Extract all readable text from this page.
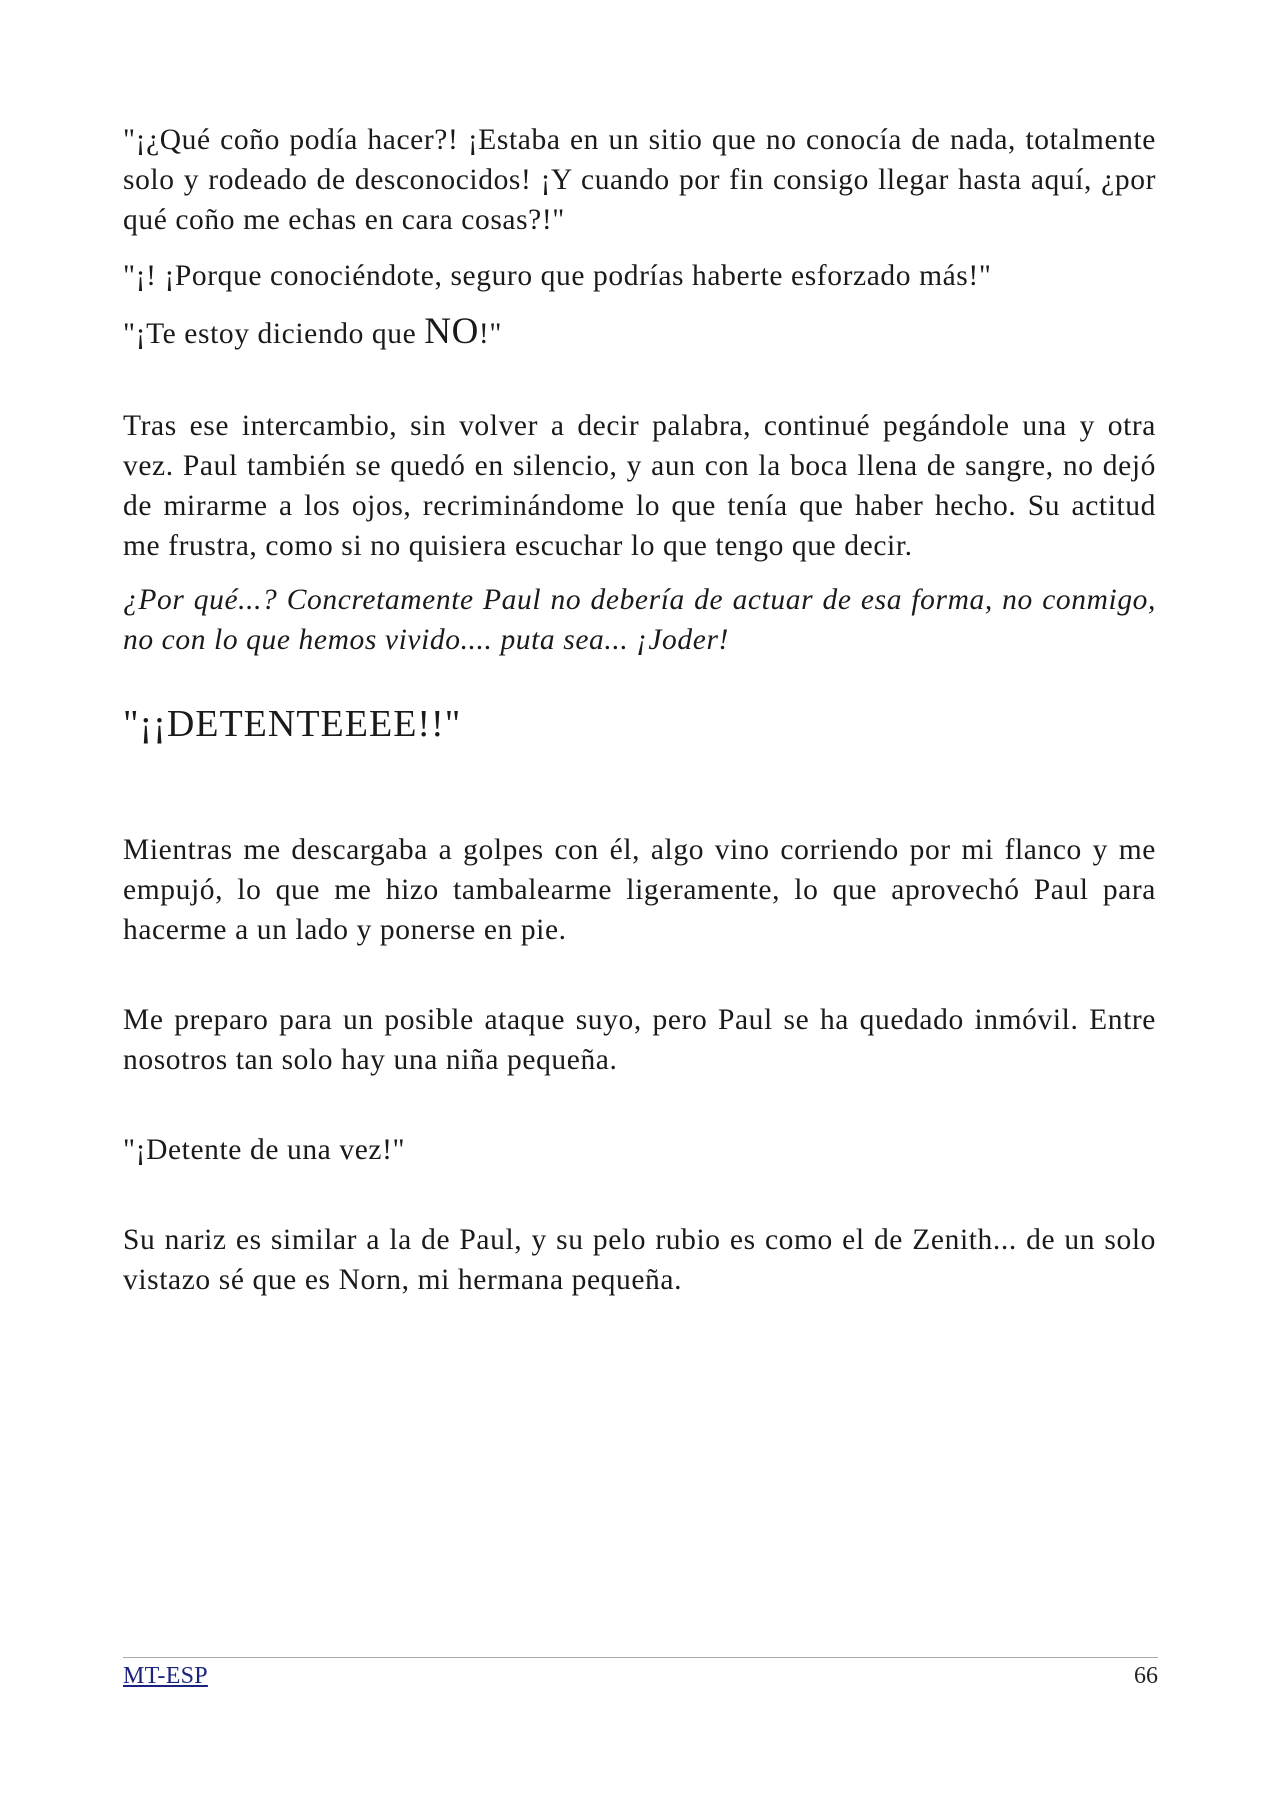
"¡¿Qué coño podía hacer?! ¡Estaba en un sitio que no conocía de nada, totalmente solo y rodeado de desconocidos! ¡Y cuando por fin consigo llegar hasta aquí, ¿por qué coño me echas en cara cosas?!"

"¡! ¡Porque conociéndote, seguro que podrías haberte esforzado más!"

"¡Te estoy diciendo que NO!"

Tras ese intercambio, sin volver a decir palabra, continué pegándole una y otra vez. Paul también se quedó en silencio, y aun con la boca llena de sangre, no dejó de mirarme a los ojos, recriminándome lo que tenía que haber hecho. Su actitud me frustra, como si no quisiera escuchar lo que tengo que decir.

¿Por qué...? Concretamente Paul no debería de actuar de esa forma, no conmigo, no con lo que hemos vivido.... puta sea... ¡Joder!

"¡¡DETENTEEEE!!"

Mientras me descargaba a golpes con él, algo vino corriendo por mi flanco y me empujó, lo que me hizo tambalearme ligeramente, lo que aprovechó Paul para hacerme a un lado y ponerse en pie.

Me preparo para un posible ataque suyo, pero Paul se ha quedado inmóvil. Entre nosotros tan solo hay una niña pequeña.

"¡Detente de una vez!"

Su nariz es similar a la de Paul, y su pelo rubio es como el de Zenith... de un solo vistazo sé que es Norn, mi hermana pequeña.

MT-ESP	66
